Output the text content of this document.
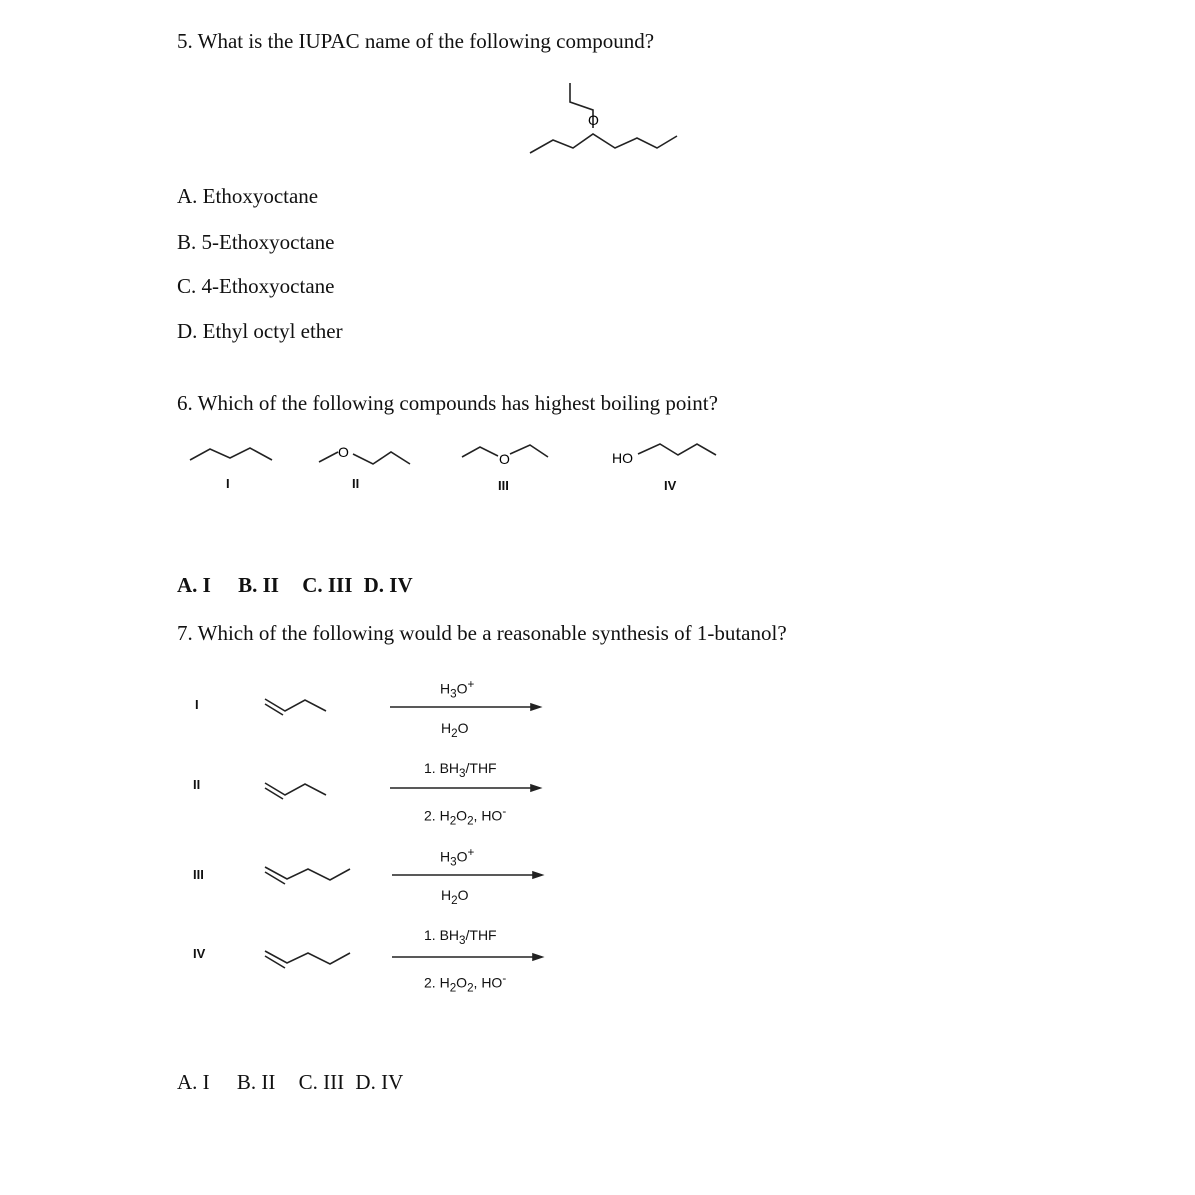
5. What is the IUPAC name of the following compound?
O
A. Ethoxyoctane
B. 5-Ethoxyoctane
C. 4-Ethoxyoctane
D. Ethyl octyl ether
6. Which of the following compounds has highest boiling point?
O	O	HO
I	II	III	IV
A. I B. II C. III D. IV
7. Which of the following would be a reasonable synthesis of 1-butanol?
I
$H_3O^+$
$H_2O$
II
1. $BH_3$/THF
2. $H_2O_2$, HO-
III
$H_3O^+$
$H_2O$
IV
1. $BH_3$/THF
2. $H_2O_2$, HO-
A. I B. II C. III D. IV
